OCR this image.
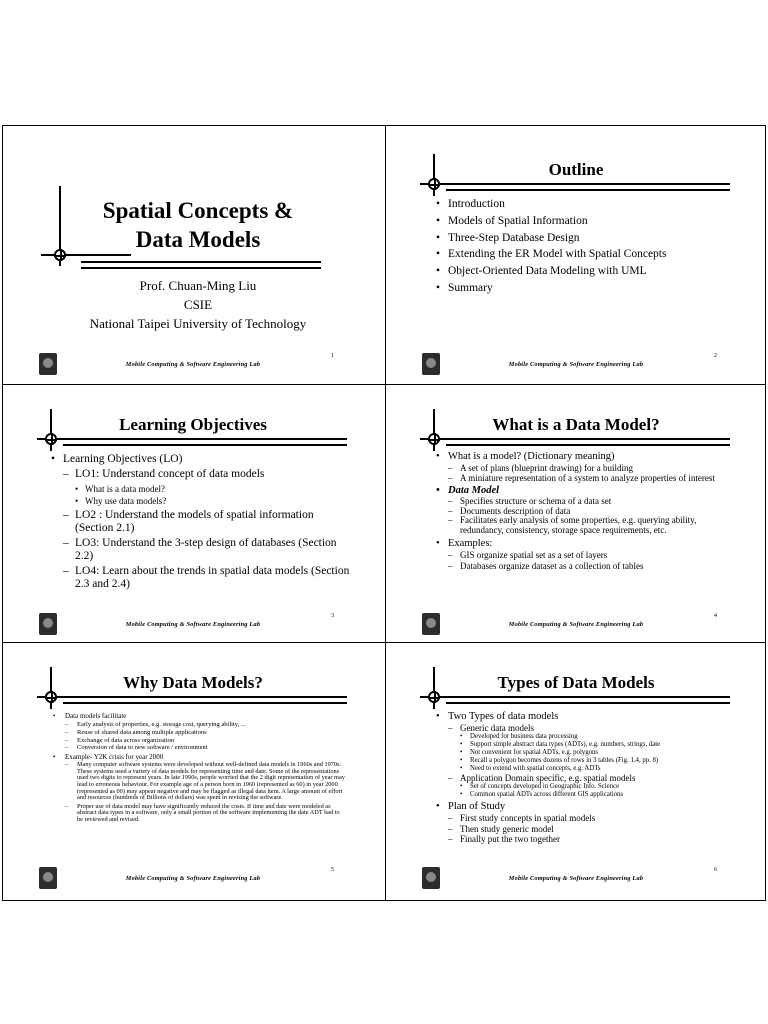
Spatial Concepts &
Data Models
Prof. Chuan-Ming Liu
CSIE
National Taipei University of Technology
Mobile Computing & Software Engineering Lab
1
Outline
• Introduction
• Models of Spatial Information
• Three-Step Database Design
• Extending the ER Model with Spatial Concepts
• Object-Oriented Data Modeling with UML
• Summary
Mobile Computing & Software Engineering Lab
2
Learning Objectives
• Learning Objectives (LO)
– LO1: Understand concept of data models
• What is a data model?
• Why use data models?
– LO2 : Understand the models of spatial information (Section 2.1)
– LO3: Understand the 3-step design of databases (Section 2.2)
– LO4: Learn about the trends in spatial data models (Section 2.3 and 2.4)
Mobile Computing & Software Engineering Lab
3
What is a Data Model?
• What is a model? (Dictionary meaning)
– A set of plans (blueprint drawing) for a building
– A miniature representation of a system to analyze properties of interest
• Data Model
– Specifies structure or schema of a data set
– Documents description of data
– Facilitates early analysis of some properties, e.g. querying ability, redundancy, consistency, storage space requirements, etc.
• Examples:
– GIS organize spatial set as a set of layers
– Databases organize dataset as a collection of tables
Mobile Computing & Software Engineering Lab
4
Why Data Models?
• Data models facilitate
– Early analysis of properties, e.g. storage cost, querying ability, ...
– Reuse of shared data among multiple applications
– Exchange of data across organization
– Conversion of data to new software / environment
• Example- Y2K crisis for year 2000
– Many computer software systems were developed without well-defined data models in 1960s and 1970s. These systems used a variety of data models for representing time and date. Some of the representations used two digits to represent years. In late 1990s, people worried that the 2 digit representation of year may lead to erroneous behaviour. For example age of a person born in 1960 (represented as 60) in year 2000 (represented as 00) may appear negative and may be flagged as illegal data item. A large amount of effort and resources (hundreds of Billions of dollars) was spent in revising the software.
– Proper use of data model may have significantly reduced the costs. If time and date were modeled as abstract data types in a software, only a small portion of the software implementing the date ADT had to be reviewed and revised.
Mobile Computing & Software Engineering Lab
5
Types of Data Models
• Two Types of data models
– Generic data models
• Developed for business data processing
• Support simple abstract data types (ADTs), e.g. numbers, strings, date
• Not convenient for spatial ADTs, e.g. polygons
• Recall a polygon becomes dozens of rows in 3 tables (Fig. 1.4, pp. 8)
• Need to extend with spatial concepts, e.g. ADTs
– Application Domain specific, e.g. spatial models
• Set of concepts developed in Geographic Info. Science
• Common spatial ADTs across different GIS applications
• Plan of Study
– First study concepts in spatial models
– Then study generic model
– Finally put the two together
Mobile Computing & Software Engineering Lab
6
